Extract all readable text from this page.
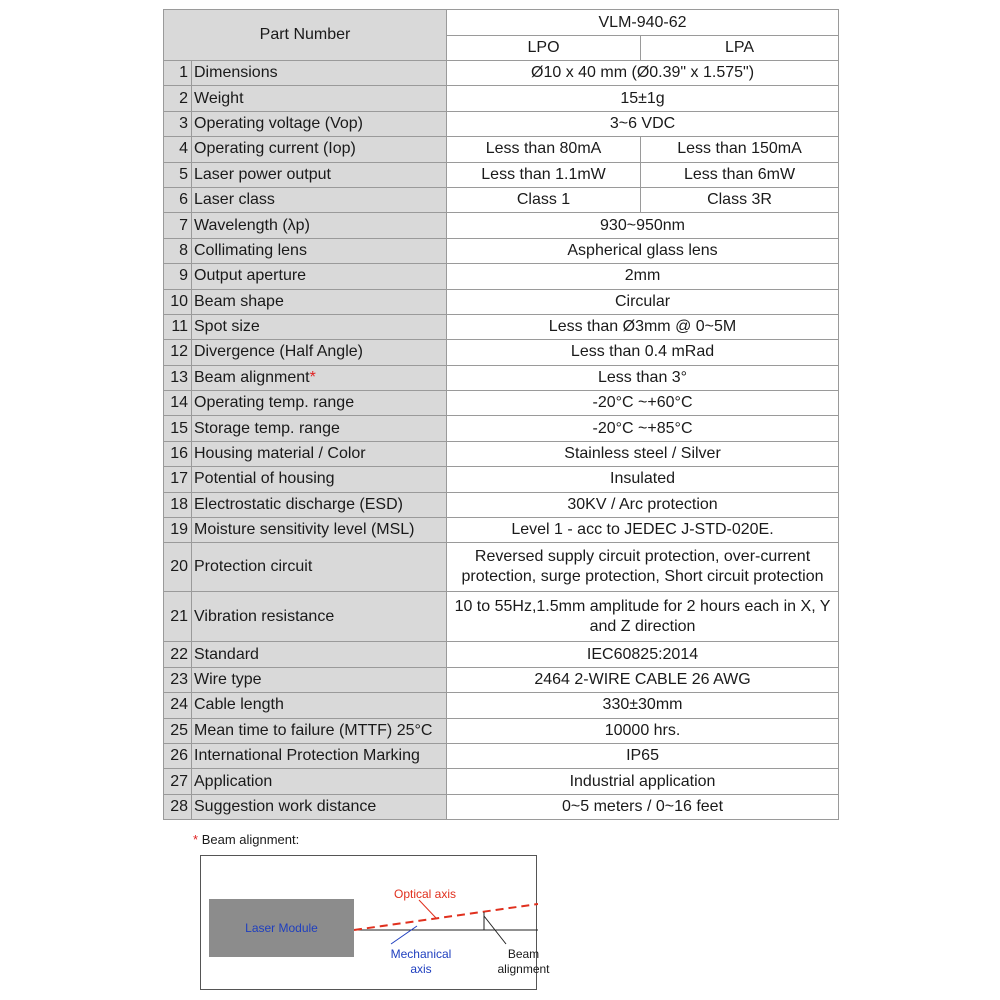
Part Number		VLM-940-62	
		LPO	LPA
1	Dimensions	Ø10 x 40 mm (Ø0.39" x 1.575")	
2	Weight	15±1g	
3	Operating voltage (Vop)	3~6 VDC	
4	Operating current (Iop)	Less than 80mA	Less than 150mA
5	Laser power output	Less than 1.1mW	Less than 6mW
6	Laser class	Class 1	Class 3R
7	Wavelength (λp)	930~950nm	
8	Collimating lens	Aspherical glass lens	
9	Output aperture	2mm	
10	Beam shape	Circular	
11	Spot size	Less than Ø3mm @ 0~5M	
12	Divergence (Half Angle)	Less than 0.4 mRad	
13	Beam alignment*	Less than 3°	
14	Operating temp. range	-20°C ~+60°C	
15	Storage temp. range	-20°C ~+85°C	
16	Housing material / Color	Stainless steel / Silver	
17	Potential of housing	Insulated	
18	Electrostatic discharge (ESD)	30KV / Arc protection	
19	Moisture sensitivity level (MSL)	Level 1 - acc to JEDEC J-STD-020E.	
20	Protection circuit	Reversed supply circuit protection, over-current protection, surge protection, Short circuit protection	
21	Vibration resistance	10 to 55Hz,1.5mm amplitude for 2 hours each in X, Y and Z direction	
22	Standard	IEC60825:2014	
23	Wire type	2464 2-WIRE CABLE 26 AWG	
24	Cable length	330±30mm	
25	Mean time to failure (MTTF) 25°C	10000 hrs.	
26	International Protection Marking	IP65	
27	Application	Industrial application	
28	Suggestion work distance	0~5 meters / 0~16 feet	
* Beam alignment:
Laser Module
Optical axis
Mechanical axis
Beam alignment
